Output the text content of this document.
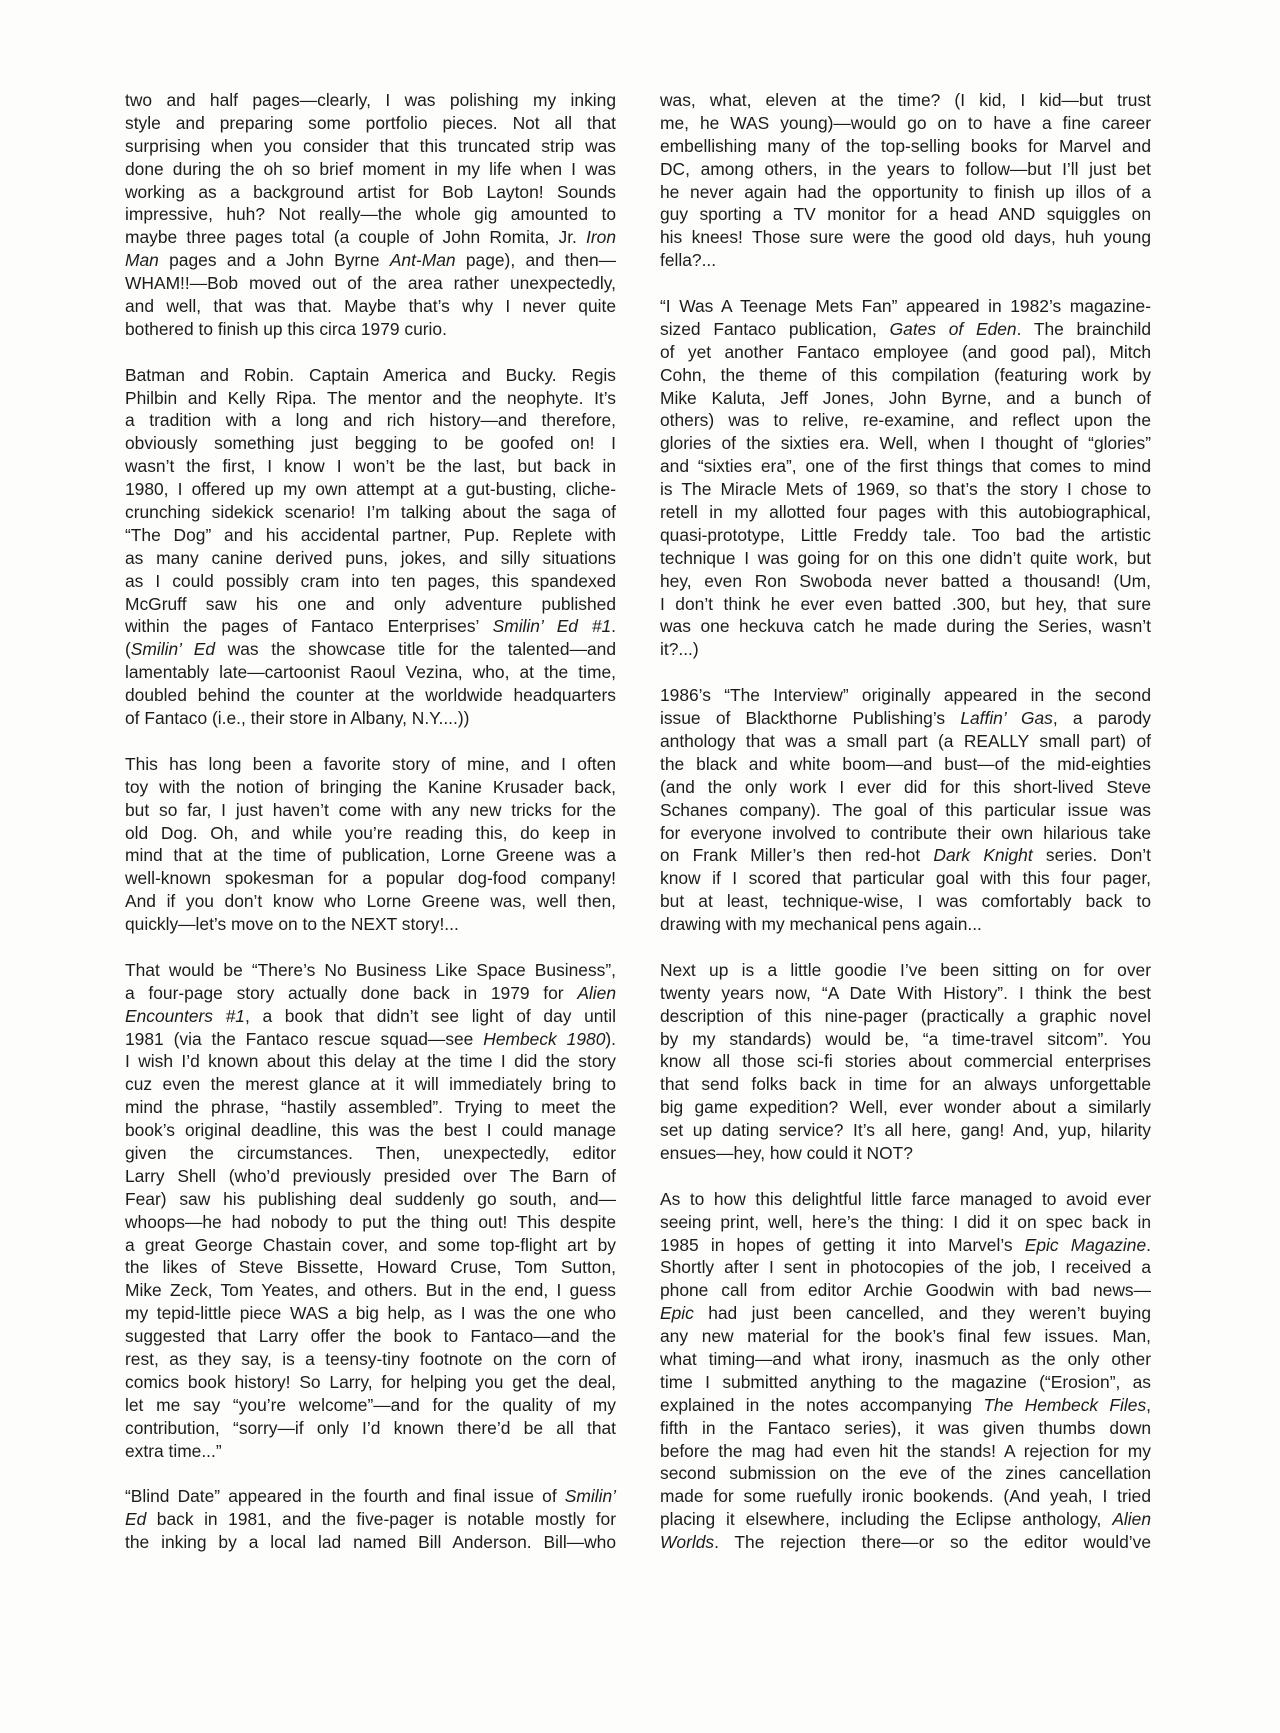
two and half pages—clearly, I was polishing my inking
style and preparing some portfolio pieces. Not all that
surprising when you consider that this truncated strip was
done during the oh so brief moment in my life when I was
working as a background artist for Bob Layton! Sounds
impressive, huh? Not really—the whole gig amounted to
maybe three pages total (a couple of John Romita, Jr. Iron
Man pages and a John Byrne Ant-Man page), and then—
WHAM!!—Bob moved out of the area rather unexpectedly,
and well, that was that. Maybe that’s why I never quite
bothered to finish up this circa 1979 curio.
Batman and Robin. Captain America and Bucky. Regis
Philbin and Kelly Ripa. The mentor and the neophyte. It’s
a tradition with a long and rich history—and therefore,
obviously something just begging to be goofed on! I
wasn’t the first, I know I won’t be the last, but back in
1980, I offered up my own attempt at a gut-busting, cliche-
crunching sidekick scenario! I’m talking about the saga of
“The Dog” and his accidental partner, Pup. Replete with
as many canine derived puns, jokes, and silly situations
as I could possibly cram into ten pages, this spandexed
McGruff saw his one and only adventure published
within the pages of Fantaco Enterprises’ Smilin’ Ed #1.
(Smilin’ Ed was the showcase title for the talented—and
lamentably late—cartoonist Raoul Vezina, who, at the time,
doubled behind the counter at the worldwide headquarters
of Fantaco (i.e., their store in Albany, N.Y....))
This has long been a favorite story of mine, and I often
toy with the notion of bringing the Kanine Krusader back,
but so far, I just haven’t come with any new tricks for the
old Dog. Oh, and while you’re reading this, do keep in
mind that at the time of publication, Lorne Greene was a
well-known spokesman for a popular dog-food company!
And if you don’t know who Lorne Greene was, well then,
quickly—let’s move on to the NEXT story!...
That would be “There’s No Business Like Space Business”,
a four-page story actually done back in 1979 for Alien
Encounters #1, a book that didn’t see light of day until
1981 (via the Fantaco rescue squad—see Hembeck 1980).
I wish I’d known about this delay at the time I did the story
cuz even the merest glance at it will immediately bring to
mind the phrase, “hastily assembled”. Trying to meet the
book’s original deadline, this was the best I could manage
given the circumstances. Then, unexpectedly, editor
Larry Shell (who’d previously presided over The Barn of
Fear) saw his publishing deal suddenly go south, and—
whoops—he had nobody to put the thing out! This despite
a great George Chastain cover, and some top-flight art by
the likes of Steve Bissette, Howard Cruse, Tom Sutton,
Mike Zeck, Tom Yeates, and others. But in the end, I guess
my tepid-little piece WAS a big help, as I was the one who
suggested that Larry offer the book to Fantaco—and the
rest, as they say, is a teensy-tiny footnote on the corn of
comics book history! So Larry, for helping you get the deal,
let me say “you’re welcome”—and for the quality of my
contribution, “sorry—if only I’d known there’d be all that
extra time...”
“Blind Date” appeared in the fourth and final issue of Smilin’
Ed back in 1981, and the five-pager is notable mostly for
the inking by a local lad named Bill Anderson. Bill—who
was, what, eleven at the time? (I kid, I kid—but trust
me, he WAS young)—would go on to have a fine career
embellishing many of the top-selling books for Marvel and
DC, among others, in the years to follow—but I’ll just bet
he never again had the opportunity to finish up illos of a
guy sporting a TV monitor for a head AND squiggles on
his knees! Those sure were the good old days, huh young
fella?...
“I Was A Teenage Mets Fan” appeared in 1982’s magazine-
sized Fantaco publication, Gates of Eden. The brainchild
of yet another Fantaco employee (and good pal), Mitch
Cohn, the theme of this compilation (featuring work by
Mike Kaluta, Jeff Jones, John Byrne, and a bunch of
others) was to relive, re-examine, and reflect upon the
glories of the sixties era. Well, when I thought of “glories”
and “sixties era”, one of the first things that comes to mind
is The Miracle Mets of 1969, so that’s the story I chose to
retell in my allotted four pages with this autobiographical,
quasi-prototype, Little Freddy tale. Too bad the artistic
technique I was going for on this one didn’t quite work, but
hey, even Ron Swoboda never batted a thousand! (Um,
I don’t think he ever even batted .300, but hey, that sure
was one heckuva catch he made during the Series, wasn’t
it?...)
1986’s “The Interview” originally appeared in the second
issue of Blackthorne Publishing’s Laffin’ Gas, a parody
anthology that was a small part (a REALLY small part) of
the black and white boom—and bust—of the mid-eighties
(and the only work I ever did for this short-lived Steve
Schanes company). The goal of this particular issue was
for everyone involved to contribute their own hilarious take
on Frank Miller’s then red-hot Dark Knight series. Don’t
know if I scored that particular goal with this four pager,
but at least, technique-wise, I was comfortably back to
drawing with my mechanical pens again...
Next up is a little goodie I’ve been sitting on for over
twenty years now, “A Date With History”. I think the best
description of this nine-pager (practically a graphic novel
by my standards) would be, “a time-travel sitcom”. You
know all those sci-fi stories about commercial enterprises
that send folks back in time for an always unforgettable
big game expedition? Well, ever wonder about a similarly
set up dating service? It’s all here, gang! And, yup, hilarity
ensues—hey, how could it NOT?
As to how this delightful little farce managed to avoid ever
seeing print, well, here’s the thing: I did it on spec back in
1985 in hopes of getting it into Marvel’s Epic Magazine.
Shortly after I sent in photocopies of the job, I received a
phone call from editor Archie Goodwin with bad news—
Epic had just been cancelled, and they weren’t buying
any new material for the book’s final few issues. Man,
what timing—and what irony, inasmuch as the only other
time I submitted anything to the magazine (“Erosion”, as
explained in the notes accompanying The Hembeck Files,
fifth in the Fantaco series), it was given thumbs down
before the mag had even hit the stands! A rejection for my
second submission on the eve of the zines cancellation
made for some ruefully ironic bookends. (And yeah, I tried
placing it elsewhere, including the Eclipse anthology, Alien
Worlds. The rejection there—or so the editor would’ve
